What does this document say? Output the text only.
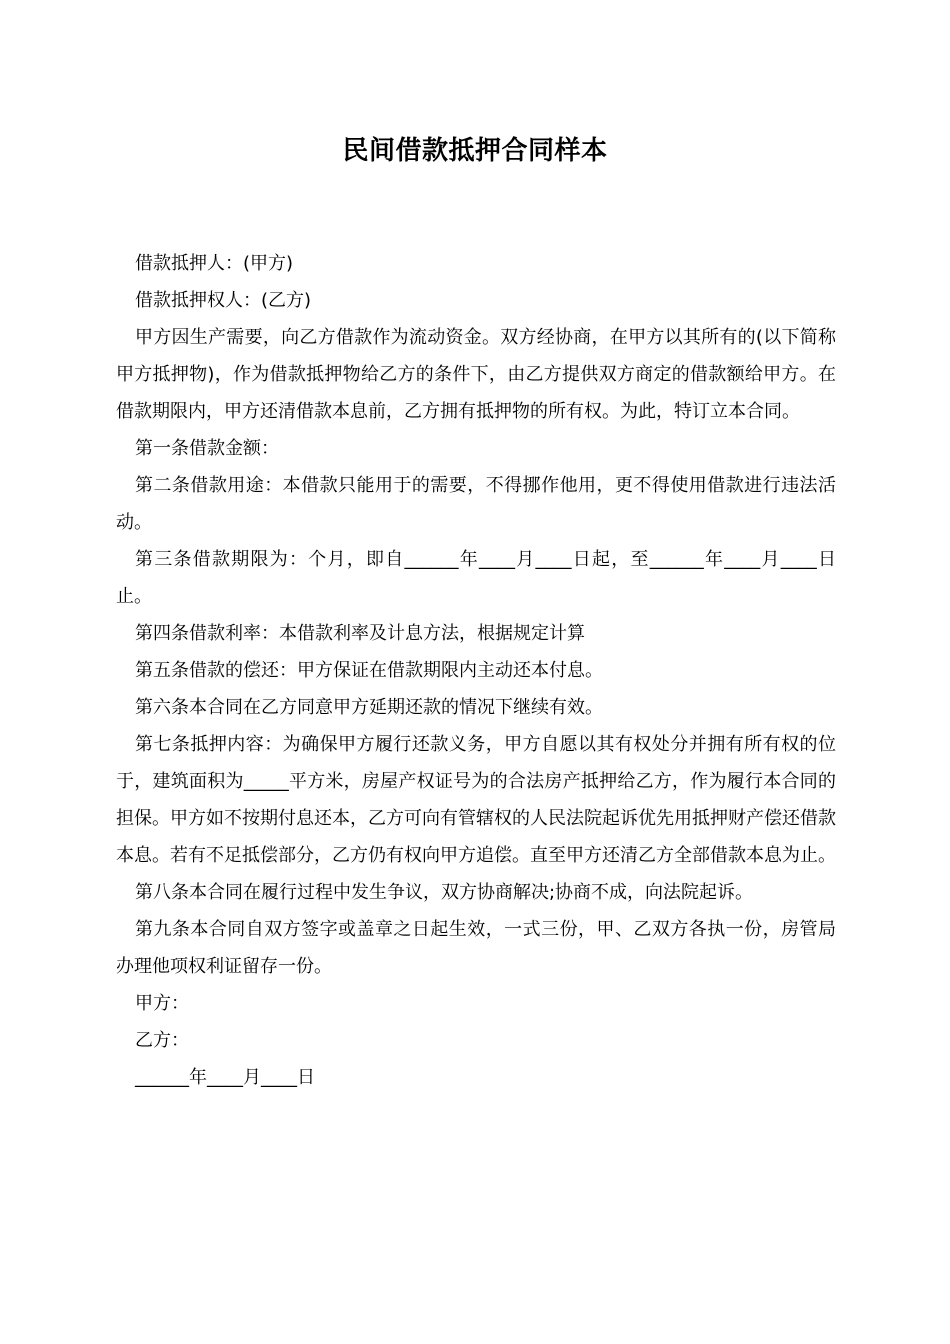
民间借款抵押合同样本

借款抵押人：(甲方)

借款抵押权人：(乙方)

甲方因生产需要，向乙方借款作为流动资金。双方经协商，在甲方以其所有的(以下简称甲方抵押物)，作为借款抵押物给乙方的条件下，由乙方提供双方商定的借款额给甲方。在借款期限内，甲方还清借款本息前，乙方拥有抵押物的所有权。为此，特订立本合同。

第一条借款金额：

第二条借款用途：本借款只能用于的需要，不得挪作他用，更不得使用借款进行违法活动。

第三条借款期限为：个月，即自______年____月____日起，至______年____月____日止。

第四条借款利率：本借款利率及计息方法，根据规定计算

第五条借款的偿还：甲方保证在借款期限内主动还本付息。

第六条本合同在乙方同意甲方延期还款的情况下继续有效。

第七条抵押内容：为确保甲方履行还款义务，甲方自愿以其有权处分并拥有所有权的位于，建筑面积为_____平方米，房屋产权证号为的合法房产抵押给乙方，作为履行本合同的担保。甲方如不按期付息还本，乙方可向有管辖权的人民法院起诉优先用抵押财产偿还借款本息。若有不足抵偿部分，乙方仍有权向甲方追偿。直至甲方还清乙方全部借款本息为止。

第八条本合同在履行过程中发生争议，双方协商解决;协商不成，向法院起诉。

第九条本合同自双方签字或盖章之日起生效，一式三份，甲、乙双方各执一份，房管局办理他项权利证留存一份。

甲方：

乙方：

______年____月____日
